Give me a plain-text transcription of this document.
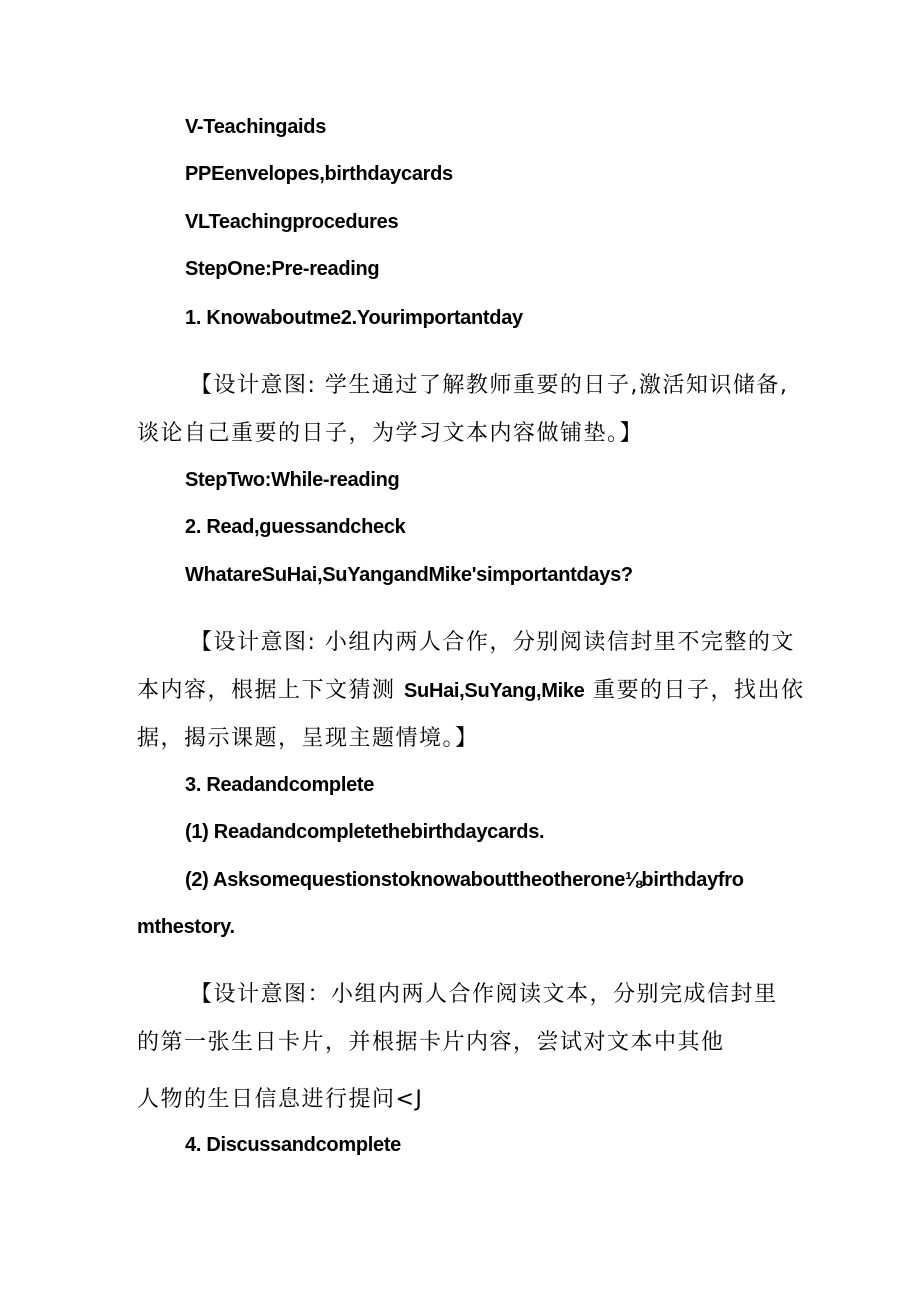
V-Teachingaids
PPEenvelopes,birthdaycards
VLTeachingprocedures
StepOne:Pre-reading
1. Knowaboutme2.Yourimportantday
【设计意图: 学生通过了解教师重要的日子,激活知识储备,
谈论自己重要的日子，为学习文本内容做铺垫。】
StepTwo:While-reading
2. Read,guessandcheck
WhatareSuHai,SuYangandMike'simportantdays?
【设计意图: 小组内两人合作，分别阅读信封里不完整的文
本内容，根据上下文猜测 SuHai,SuYang,Mike 重要的日子，找出依
据，揭示课题，呈现主题情境。】
3. Readandcomplete
(1) Readandcompletethebirthdaycards.
(2) Asksomequestionstoknowabouttheotherone⅛birthdayfro
mthestory.
【设计意图：小组内两人合作阅读文本，分别完成信封里
的第一张生日卡片，并根据卡片内容，尝试对文本中其他
人物的生日信息进行提问<J
4. Discussandcomplete
